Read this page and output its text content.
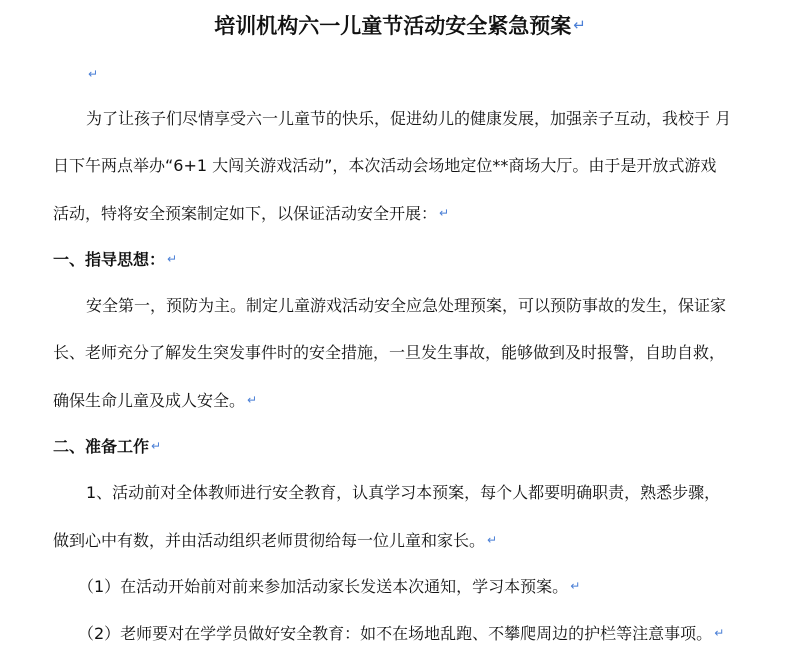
培训机构六一儿童节活动安全紧急预案 ↵
↵
为了让孩子们尽情享受六一儿童节的快乐，促进幼儿的健康发展，加强亲子互动，我校于 月
日下午两点举办“6+1 大闯关游戏活动”，本次活动会场地定位**商场大厅。由于是开放式游戏
活动，特将安全预案制定如下，以保证活动安全开展： ↵
一、指导思想： ↵
安全第一，预防为主。制定儿童游戏活动安全应急处理预案，可以预防事故的发生，保证家
长、老师充分了解发生突发事件时的安全措施，一旦发生事故，能够做到及时报警，自助自救，
确保生命儿童及成人安全。 ↵
二、准备工作 ↵
1、活动前对全体教师进行安全教育，认真学习本预案，每个人都要明确职责，熟悉步骤，
做到心中有数，并由活动组织老师贯彻给每一位儿童和家长。 ↵
（1）在活动开始前对前来参加活动家长发送本次通知，学习本预案。 ↵
（2）老师要对在学学员做好安全教育：如不在场地乱跑、不攀爬周边的护栏等注意事项。 ↵
